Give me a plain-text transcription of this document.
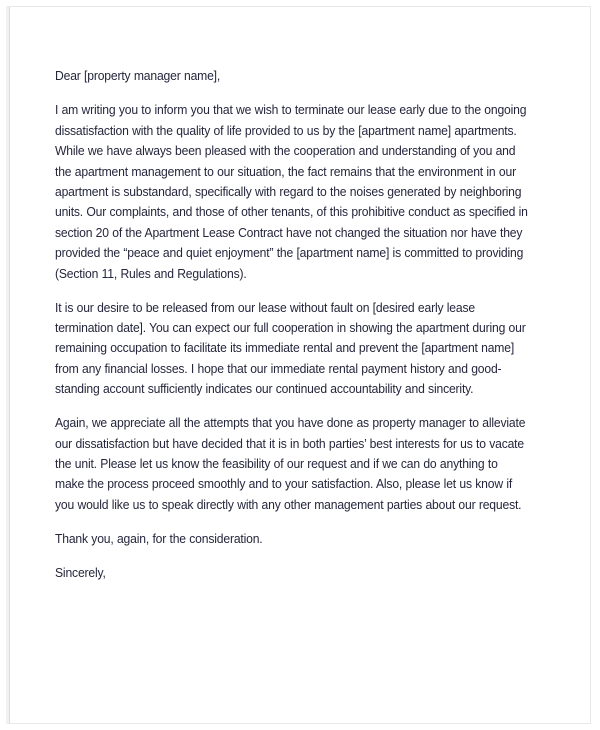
Dear [property manager name],

I am writing you to inform you that we wish to terminate our lease early due to the ongoing dissatisfaction with the quality of life provided to us by the [apartment name] apartments. While we have always been pleased with the cooperation and understanding of you and the apartment management to our situation, the fact remains that the environment in our apartment is substandard, specifically with regard to the noises generated by neighboring units. Our complaints, and those of other tenants, of this prohibitive conduct as specified in section 20 of the Apartment Lease Contract have not changed the situation nor have they provided the “peace and quiet enjoyment” the [apartment name] is committed to providing (Section 11, Rules and Regulations).

It is our desire to be released from our lease without fault on [desired early lease termination date]. You can expect our full cooperation in showing the apartment during our remaining occupation to facilitate its immediate rental and prevent the [apartment name] from any financial losses. I hope that our immediate rental payment history and good-standing account sufficiently indicates our continued accountability and sincerity.

Again, we appreciate all the attempts that you have done as property manager to alleviate our dissatisfaction but have decided that it is in both parties’ best interests for us to vacate the unit. Please let us know the feasibility of our request and if we can do anything to make the process proceed smoothly and to your satisfaction. Also, please let us know if you would like us to speak directly with any other management parties about our request.

Thank you, again, for the consideration.

Sincerely,
